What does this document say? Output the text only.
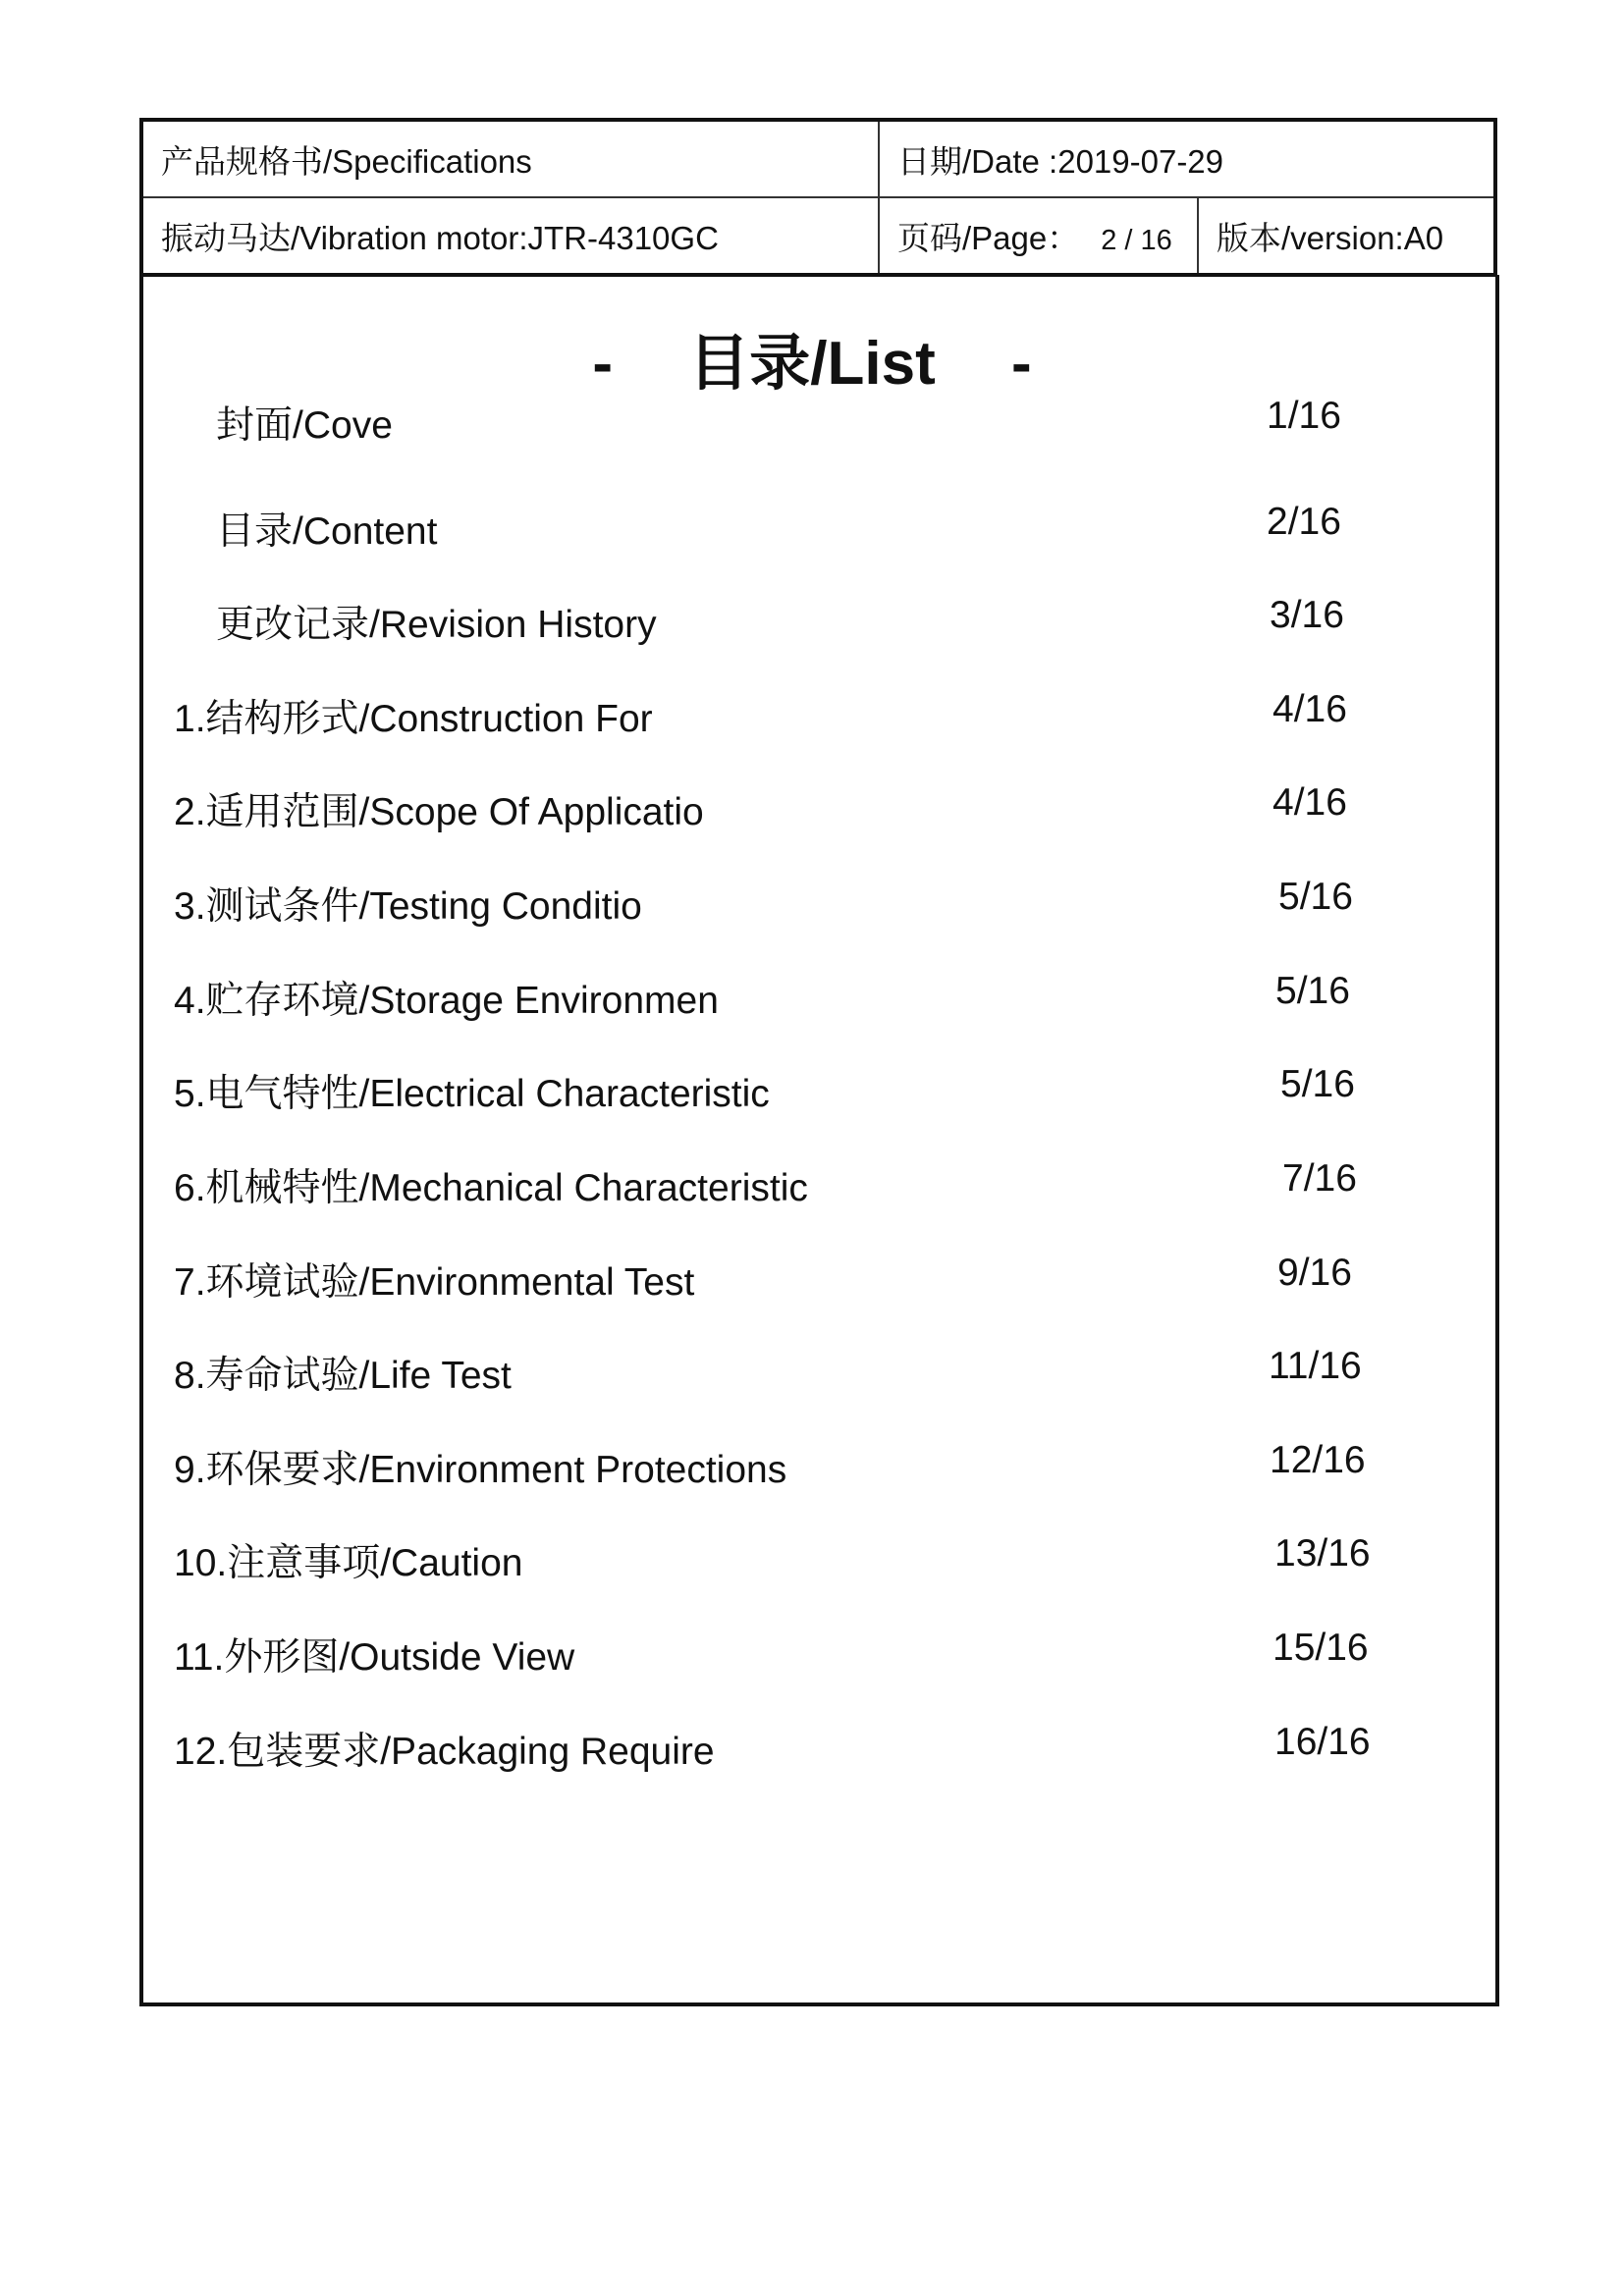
产品规格书/Specifications	日期/Date :2019-07-29	
振动马达/Vibration motor:JTR-4310GC	页码/Page： 2 / 16	版本/version:A0
- 目录/List -
封面/Cove	1/16
目录/Content	2/16
更改记录/Revision History	3/16
1.结构形式/Construction For	4/16
2.适用范围/Scope Of Applicatio	4/16
3.测试条件/Testing Conditio	5/16
4.贮存环境/Storage Environmen	5/16
5.电气特性/Electrical Characteristic	5/16
6.机械特性/Mechanical Characteristic	7/16
7.环境试验/Environmental Test	9/16
8.寿命试验/Life Test	11/16
9.环保要求/Environment Protections	12/16
10.注意事项/Caution	13/16
11.外形图/Outside View	15/16
12.包装要求/Packaging Require	16/16
